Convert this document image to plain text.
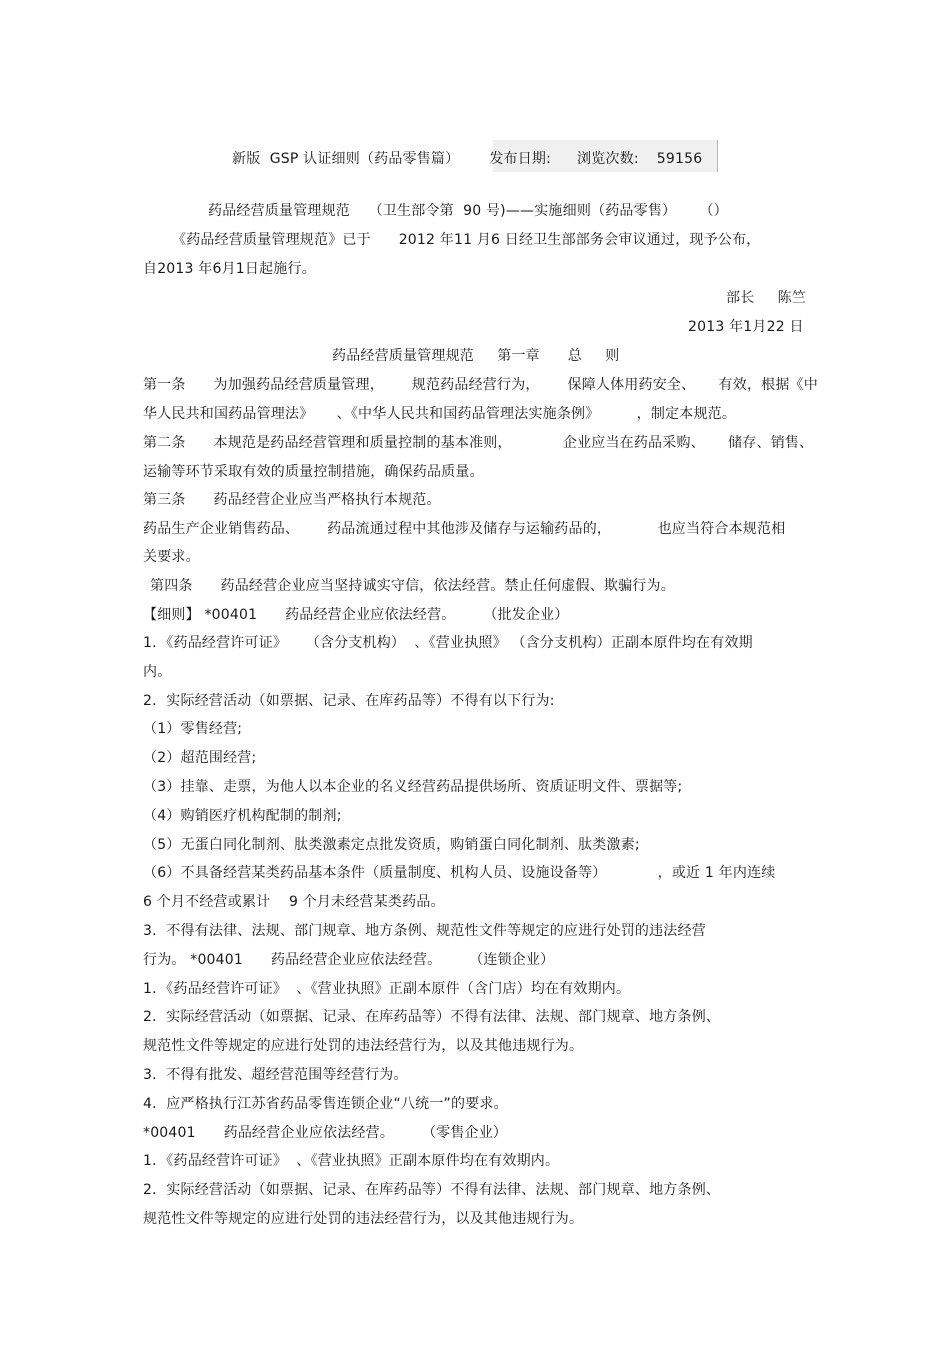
新版  GSP 认证细则（药品零售篇） 发布日期: 浏览次数: 59156
药品经营质量管理规范    （卫生部令第  90 号)——实施细则（药品零售）     （）
《药品经营质量管理规范》已于      2012 年11 月6 日经卫生部部务会审议通过，现予公布，
自2013 年6月1日起施行。
部长     陈竺
2013 年1月22 日
药品经营质量管理规范     第一章      总     则
第一条      为加强药品经营质量管理，      规范药品经营行为，      保障人体用药安全、     有效，根据《中
华人民共和国药品管理法》     、《中华人民共和国药品管理法实施条例》        ，制定本规范。
第二条      本规范是药品经营管理和质量控制的基本准则，           企业应当在药品采购、     储存、销售、
运输等环节采取有效的质量控制措施，确保药品质量。
第三条      药品经营企业应当严格执行本规范。
药品生产企业销售药品、      药品流通过程中其他涉及储存与运输药品的，          也应当符合本规范相
关要求。
第四条      药品经营企业应当坚持诚实守信，依法经营。禁止任何虚假、欺骗行为。
【细则】 *00401      药品经营企业应依法经营。      （批发企业）
1．《药品经营许可证》    （含分支机构）  、《营业执照》 （含分支机构）正副本原件均在有效期
内。
2．实际经营活动（如票据、记录、在库药品等）不得有以下行为:
（1）零售经营;
（2）超范围经营;
（3）挂靠、走票，为他人以本企业的名义经营药品提供场所、资质证明文件、票据等;
（4）购销医疗机构配制的制剂;
（5）无蛋白同化制剂、肽类激素定点批发资质，购销蛋白同化制剂、肽类激素;
（6）不具备经营某类药品基本条件（质量制度、机构人员、设施设备等）           ，或近 1 年内连续
6 个月不经营或累计    9 个月未经营某类药品。
3．不得有法律、法规、部门规章、地方条例、规范性文件等规定的应进行处罚的违法经营
行为。 *00401      药品经营企业应依法经营。      （连锁企业）
1．《药品经营许可证》  、《营业执照》正副本原件（含门店）均在有效期内。
2．实际经营活动（如票据、记录、在库药品等）不得有法律、法规、部门规章、地方条例、
规范性文件等规定的应进行处罚的违法经营行为，以及其他违规行为。
3．不得有批发、超经营范围等经营行为。
4．应严格执行江苏省药品零售连锁企业“八统一”的要求。
*00401      药品经营企业应依法经营。      （零售企业）
1．《药品经营许可证》  、《营业执照》正副本原件均在有效期内。
2．实际经营活动（如票据、记录、在库药品等）不得有法律、法规、部门规章、地方条例、
规范性文件等规定的应进行处罚的违法经营行为，以及其他违规行为。
